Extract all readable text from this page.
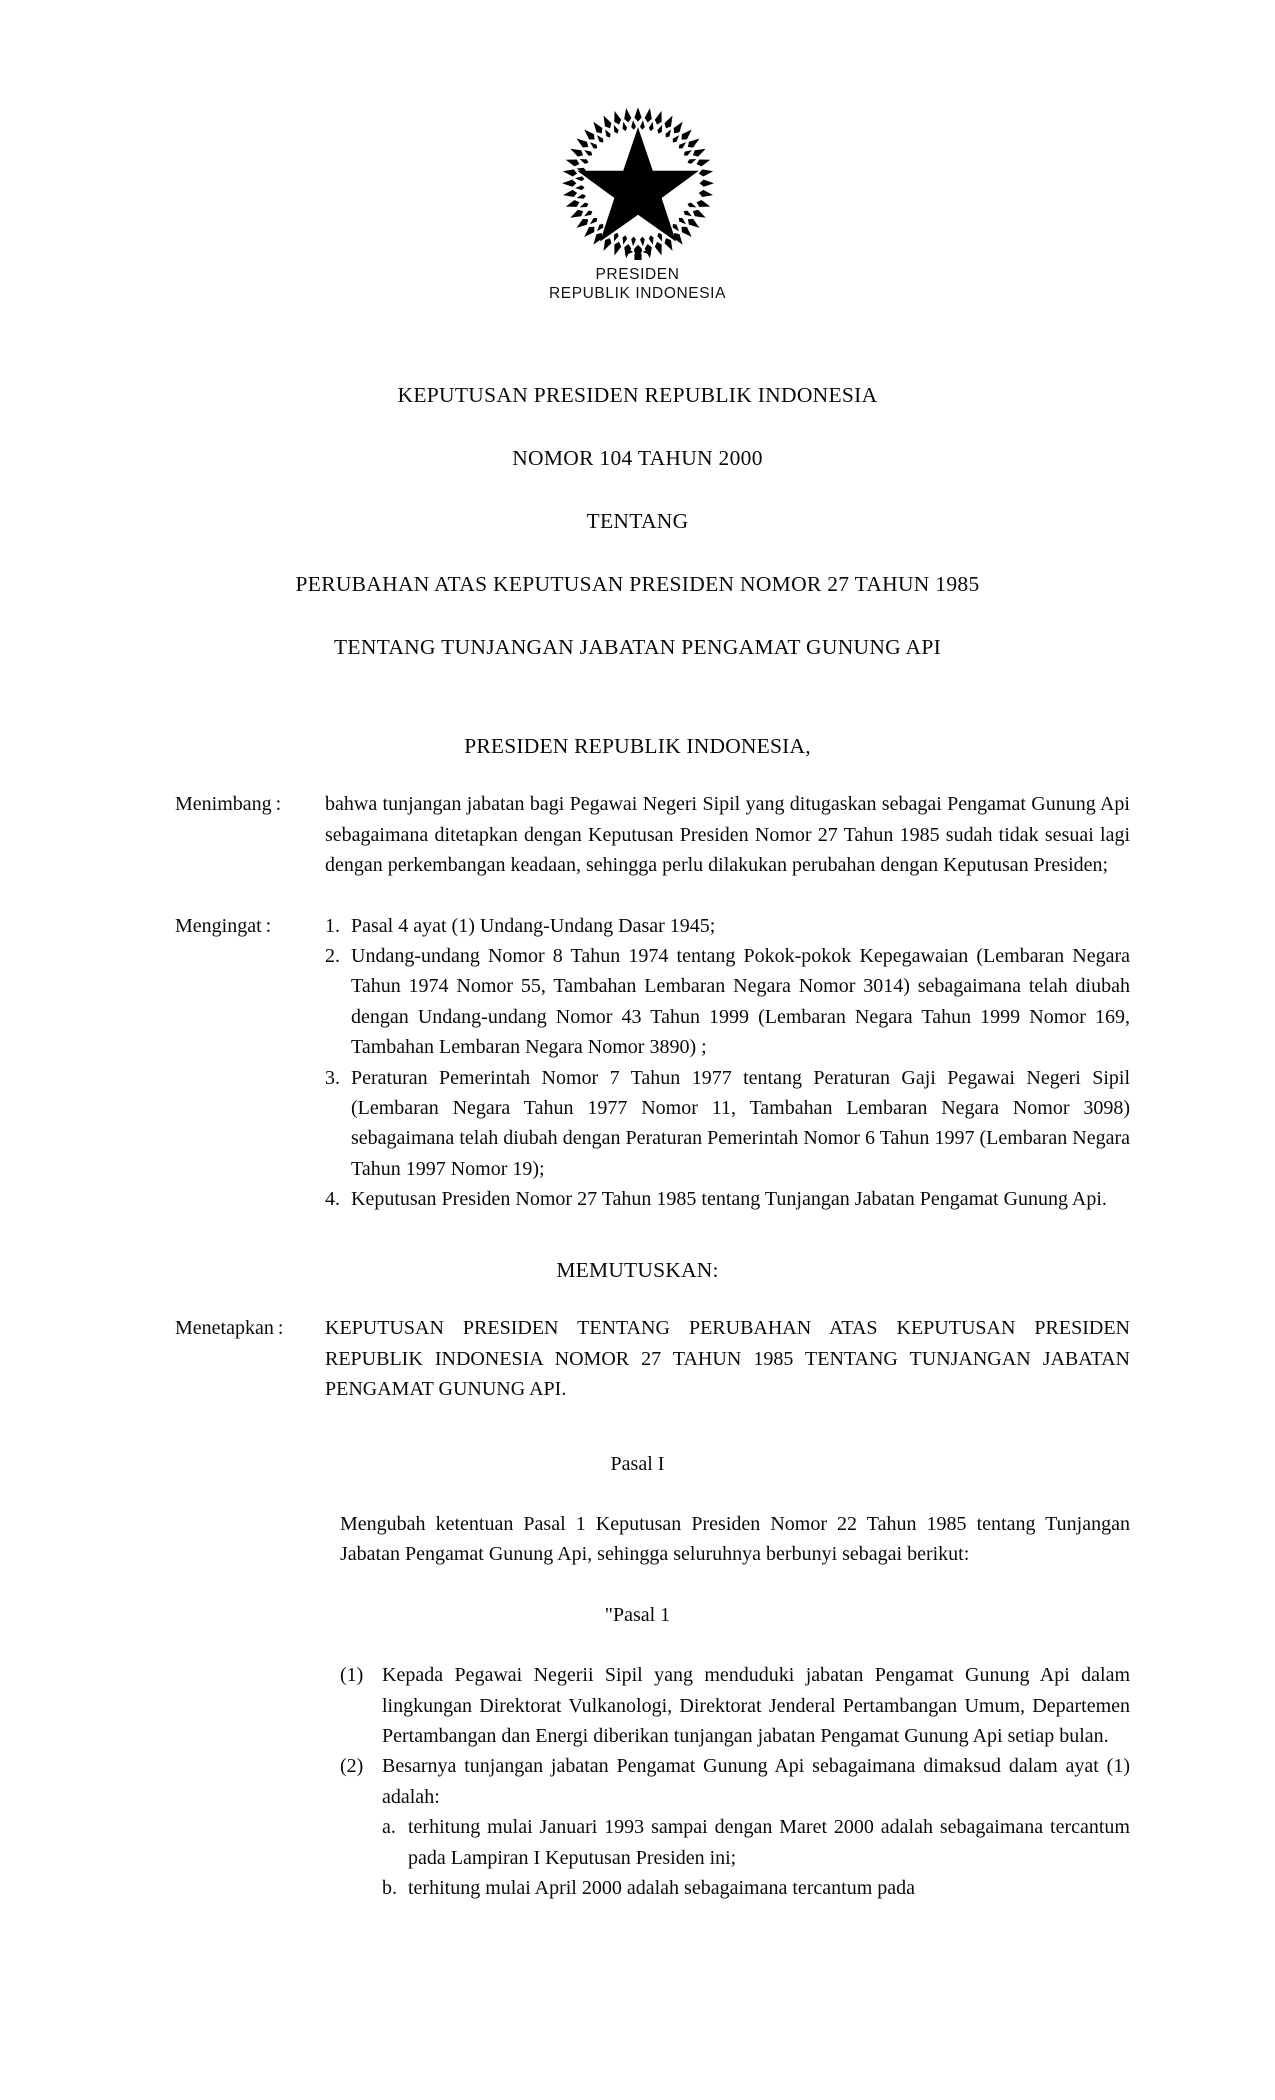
PRESIDEN
REPUBLIK INDONESIA
KEPUTUSAN PRESIDEN REPUBLIK INDONESIA
NOMOR 104 TAHUN 2000
TENTANG
PERUBAHAN ATAS KEPUTUSAN PRESIDEN NOMOR 27 TAHUN 1985
TENTANG TUNJANGAN JABATAN PENGAMAT GUNUNG API
PRESIDEN REPUBLIK INDONESIA,
Menimbang :	bahwa tunjangan jabatan bagi Pegawai Negeri Sipil yang ditugaskan sebagai Pengamat Gunung Api sebagaimana ditetapkan dengan Keputusan Presiden Nomor 27 Tahun 1985 sudah tidak sesuai lagi dengan perkembangan keadaan, sehingga perlu dilakukan perubahan dengan Keputusan Presiden;
Mengingat :	1. Pasal 4 ayat (1) Undang-Undang Dasar 1945;
2. Undang-undang Nomor 8 Tahun 1974 tentang Pokok-pokok Kepegawaian (Lembaran Negara Tahun 1974 Nomor 55, Tambahan Lembaran Negara Nomor 3014) sebagaimana telah diubah dengan Undang-undang Nomor 43 Tahun 1999 (Lembaran Negara Tahun 1999 Nomor 169, Tambahan Lembaran Negara Nomor 3890) ;
3. Peraturan Pemerintah Nomor 7 Tahun 1977 tentang Peraturan Gaji Pegawai Negeri Sipil (Lembaran Negara Tahun 1977 Nomor 11, Tambahan Lembaran Negara Nomor 3098) sebagaimana telah diubah dengan Peraturan Pemerintah Nomor 6 Tahun 1997 (Lembaran Negara Tahun 1997 Nomor 19);
4. Keputusan Presiden Nomor 27 Tahun 1985 tentang Tunjangan Jabatan Pengamat Gunung Api.
MEMUTUSKAN:
Menetapkan :	KEPUTUSAN PRESIDEN TENTANG PERUBAHAN ATAS KEPUTUSAN PRESIDEN REPUBLIK INDONESIA NOMOR 27 TAHUN 1985 TENTANG TUNJANGAN JABATAN PENGAMAT GUNUNG API.
Pasal I
Mengubah ketentuan Pasal 1 Keputusan Presiden Nomor 22 Tahun 1985 tentang Tunjangan Jabatan Pengamat Gunung Api, sehingga seluruhnya berbunyi sebagai berikut:
"Pasal 1
(1) Kepada Pegawai Negerii Sipil yang menduduki jabatan Pengamat Gunung Api dalam lingkungan Direktorat Vulkanologi, Direktorat Jenderal Pertambangan Umum, Departemen Pertambangan dan Energi diberikan tunjangan jabatan Pengamat Gunung Api setiap bulan.
(2) Besarnya tunjangan jabatan Pengamat Gunung Api sebagaimana dimaksud dalam ayat (1) adalah:
a. terhitung mulai Januari 1993 sampai dengan Maret 2000 adalah sebagaimana tercantum pada Lampiran I Keputusan Presiden ini;
b. terhitung mulai April 2000 adalah sebagaimana tercantum pada
